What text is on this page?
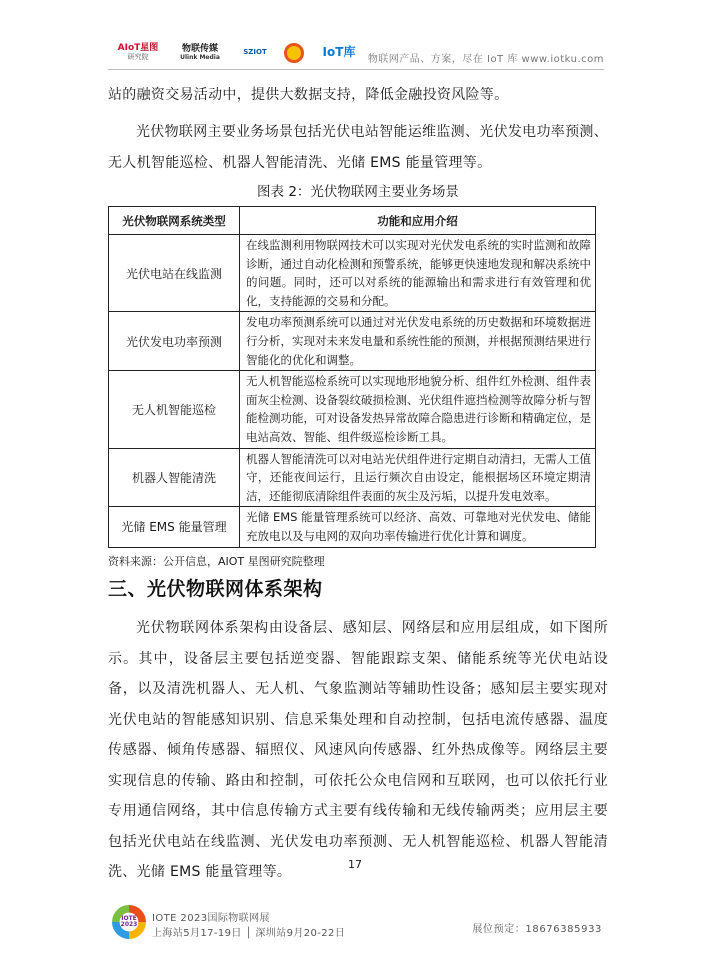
AIoT星图
研究院
物联传媒
Ulink Media
SZIOT	IoT库
物联网产品、方案，尽在 IoT 库 www.iotku.com
站的融资交易活动中，提供大数据支持，降低金融投资风险等。
光伏物联网主要业务场景包括光伏电站智能运维监测、光伏发电功率预测、无人机智能巡检、机器人智能清洗、光储 EMS 能量管理等。
图表 2：光伏物联网主要业务场景
光伏物联网系统类型	功能和应用介绍
光伏电站在线监测	在线监测利用物联网技术可以实现对光伏发电系统的实时监测和故障诊断，通过自动化检测和预警系统，能够更快速地发现和解决系统中的问题。同时，还可以对系统的能源输出和需求进行有效管理和优化，支持能源的交易和分配。
光伏发电功率预测	发电功率预测系统可以通过对光伏发电系统的历史数据和环境数据进行分析，实现对未来发电量和系统性能的预测，并根据预测结果进行智能化的优化和调整。
无人机智能巡检	无人机智能巡检系统可以实现地形地貌分析、组件红外检测、组件表面灰尘检测、设备裂纹破损检测、光伏组件遮挡检测等故障分析与智能检测功能，可对设备发热异常故障合隐患进行诊断和精确定位，是电站高效、智能、组件级巡检诊断工具。
机器人智能清洗	机器人智能清洗可以对电站光伏组件进行定期自动清扫，无需人工值守，还能夜间运行，且运行频次自由设定，能根据场区环境定期清洁，还能彻底清除组件表面的灰尘及污垢，以提升发电效率。
光储 EMS 能量管理	光储 EMS 能量管理系统可以经济、高效、可靠地对光伏发电、储能充放电以及与电网的双向功率传输进行优化计算和调度。
资料来源：公开信息，AIOT 星图研究院整理
三、光伏物联网体系架构
光伏物联网体系架构由设备层、感知层、网络层和应用层组成，如下图所示。其中，设备层主要包括逆变器、智能跟踪支架、储能系统等光伏电站设备，以及清洗机器人、无人机、气象监测站等辅助性设备；感知层主要实现对光伏电站的智能感知识别、信息采集处理和自动控制，包括电流传感器、温度传感器、倾角传感器、辐照仪、风速风向传感器、红外热成像等。网络层主要实现信息的传输、路由和控制，可依托公众电信网和互联网，也可以依托行业专用通信网络，其中信息传输方式主要有线传输和无线传输两类；应用层主要包括光伏电站在线监测、光伏发电功率预测、无人机智能巡检、机器人智能清洗、光储 EMS 能量管理等。	17
IOTE 2023
IOTE 2023国际物联网展
上海站5月17-19日 │ 深圳站9月20-22日	展位预定：18676385933
